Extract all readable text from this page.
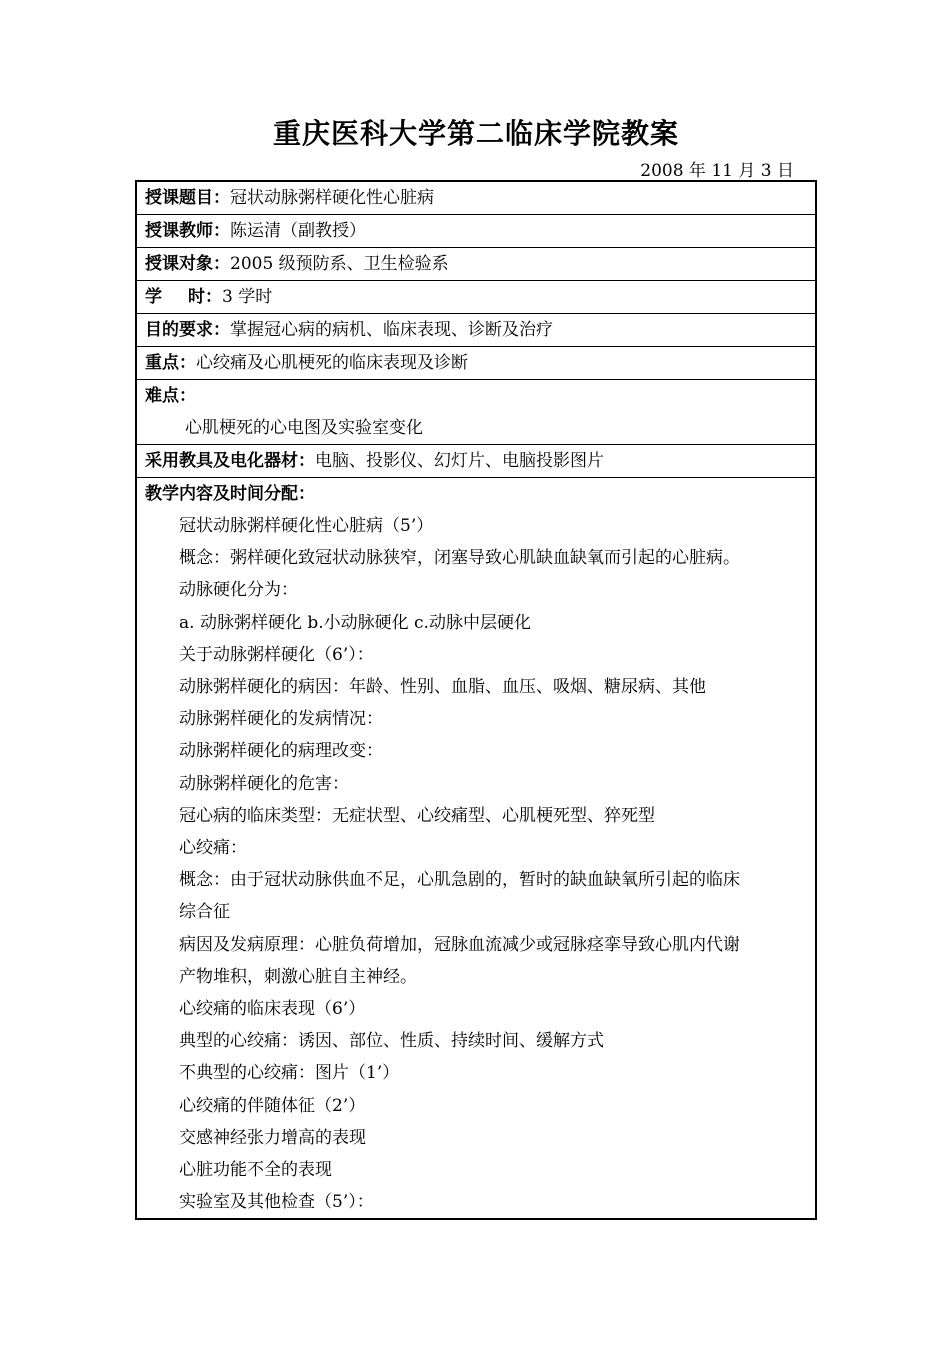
重庆医科大学第二临床学院教案
2008 年 11 月 3 日
授课题目：冠状动脉粥样硬化性心脏病
授课教师：陈运清（副教授）
授课对象：2005 级预防系、卫生检验系
学 时：3 学时
目的要求：掌握冠心病的病机、临床表现、诊断及治疗
重点：心绞痛及心肌梗死的临床表现及诊断
难点：
心肌梗死的心电图及实验室变化
采用教具及电化器材：电脑、投影仪、幻灯片、电脑投影图片
教学内容及时间分配：
冠状动脉粥样硬化性心脏病（5’）
概念：粥样硬化致冠状动脉狭窄，闭塞导致心肌缺血缺氧而引起的心脏病。
动脉硬化分为：
a. 动脉粥样硬化 b.小动脉硬化 c.动脉中层硬化
关于动脉粥样硬化（6’）：
动脉粥样硬化的病因：年龄、性别、血脂、血压、吸烟、糖尿病、其他
动脉粥样硬化的发病情况：
动脉粥样硬化的病理改变：
动脉粥样硬化的危害：
冠心病的临床类型：无症状型、心绞痛型、心肌梗死型、猝死型
心绞痛：
概念：由于冠状动脉供血不足，心肌急剧的，暂时的缺血缺氧所引起的临床
综合征
病因及发病原理：心脏负荷增加，冠脉血流减少或冠脉痉挛导致心肌内代谢
产物堆积，刺激心脏自主神经。
心绞痛的临床表现（6’）
典型的心绞痛：诱因、部位、性质、持续时间、缓解方式
不典型的心绞痛：图片（1’）
心绞痛的伴随体征（2’）
交感神经张力增高的表现
心脏功能不全的表现
实验室及其他检查（5’）：
